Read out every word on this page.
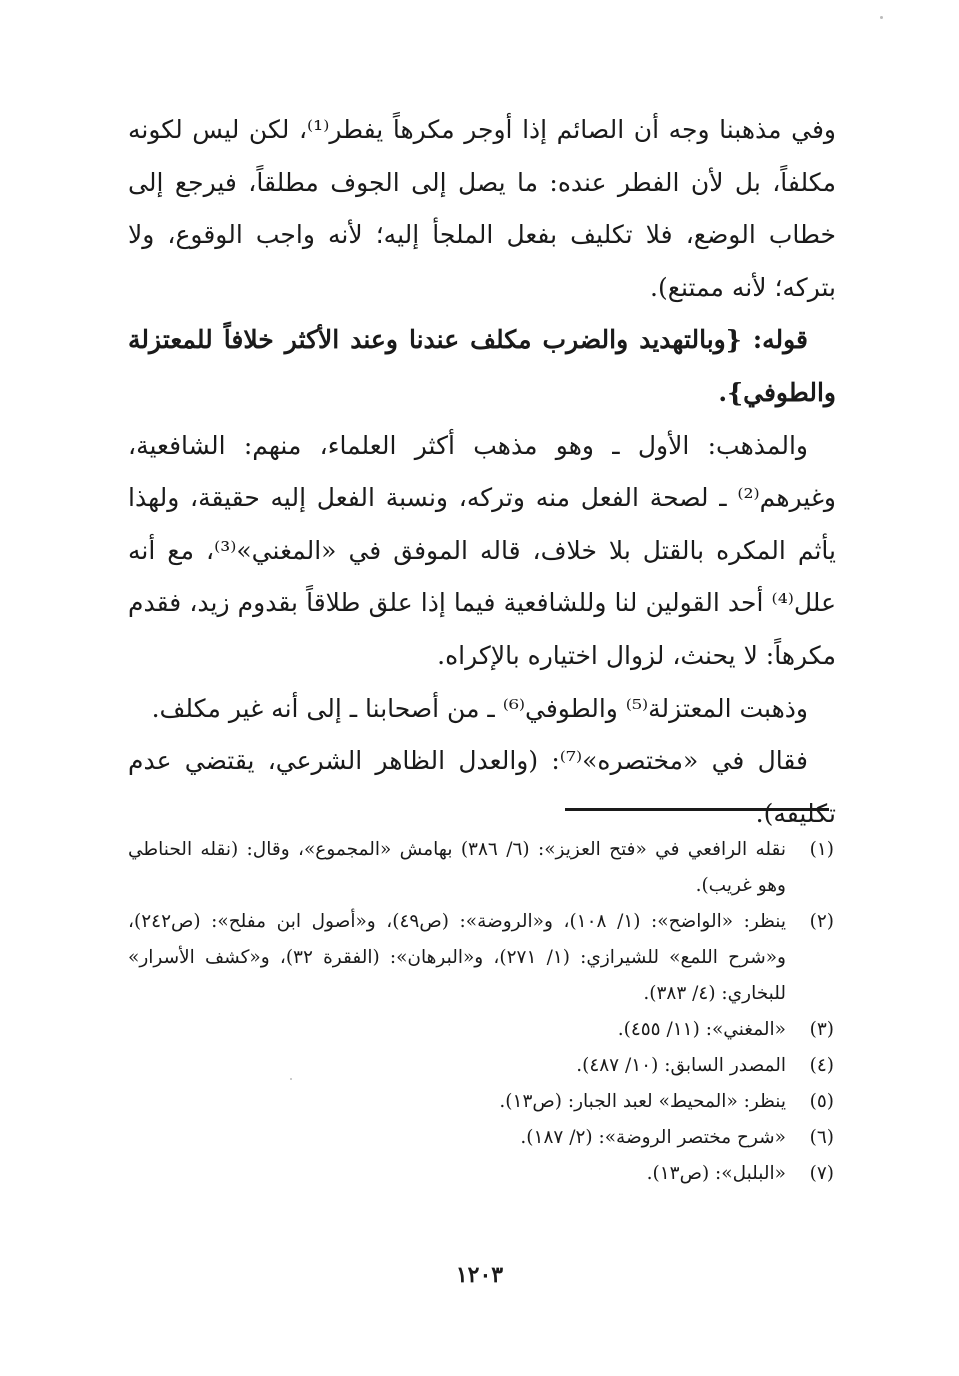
وفي مذهبنا وجه أن الصائم إذا أوجر مكرهاً يفطر⁽¹⁾، لكن ليس لكونه مكلفاً، بل لأن الفطر عنده: ما يصل إلى الجوف مطلقاً، فيرجع إلى خطاب الوضع، فلا تكليف بفعل الملجأ إليه؛ لأنه واجب الوقوع، ولا بتركه؛ لأنه ممتنع).

قوله: {وبالتهديد والضرب مكلف عندنا وعند الأكثر خلافاً للمعتزلة والطوفي}.

والمذهب: الأول ـ وهو مذهب أكثر العلماء، منهم: الشافعية، وغيرهم⁽²⁾ ـ لصحة الفعل منه وتركه، ونسبة الفعل إليه حقيقة، ولهذا يأثم المكره بالقتل بلا خلاف، قاله الموفق في «المغني»⁽³⁾، مع أنه علل⁽⁴⁾ أحد القولين لنا وللشافعية فيما إذا علق طلاقاً بقدوم زيد، فقدم مكرهاً: لا يحنث، لزوال اختياره بالإكراه.

وذهبت المعتزلة⁽⁵⁾ والطوفي⁽⁶⁾ ـ من أصحابنا ـ إلى أنه غير مكلف.

فقال في «مختصره»⁽⁷⁾: (والعدل الظاهر الشرعي، يقتضي عدم تكليفه).

(١)
نقله الرافعي في «فتح العزيز»: (٦/ ٣٨٦) بهامش «المجموع»، وقال: (نقله الحناطي وهو غريب).
(٢)
ينظر: «الواضح»: (١/ ١٠٨)، و«الروضة»: (ص٤٩)، و«أصول ابن مفلح»: (ص٢٤٢)، و«شرح اللمع» للشيرازي: (١/ ٢٧١)، و«البرهان»: (الفقرة ٣٢)، و«كشف الأسرار» للبخاري: (٤/ ٣٨٣).
(٣)
«المغني»: (١١/ ٤٥٥).
(٤)
المصدر السابق: (١٠/ ٤٨٧).
(٥)
ينظر: «المحيط» لعبد الجبار: (ص١٣).
(٦)
«شرح مختصر الروضة»: (٢/ ١٨٧).
(٧)
«البلبل»: (ص١٣).
١٢٠٣
